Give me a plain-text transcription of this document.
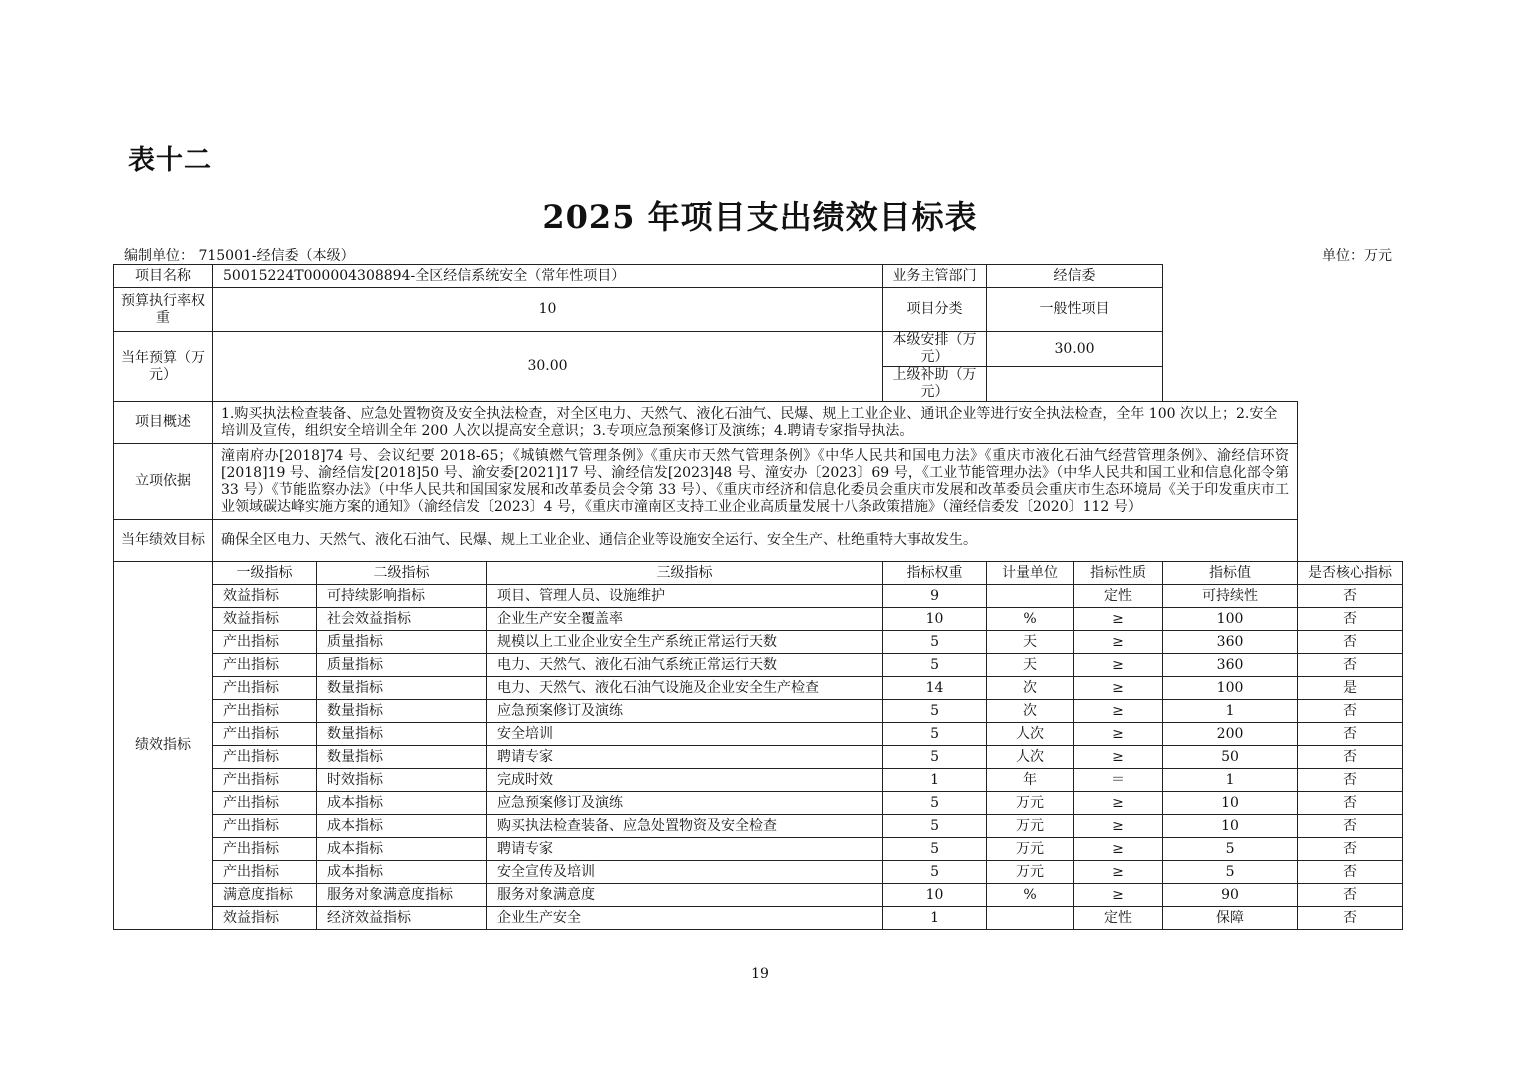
表十二
2025 年项目支出绩效目标表
编制单位： 715001-经信委（本级）	单位：万元
项目名称	50015224T000004308894-全区经信系统安全（常年性项目）			业务主管部门	经信委			
预算执行率权重	10			项目分类	一般性项目			
当年预算（万元）	30.00			本级安排（万元）	30.00			
				上级补助（万元）				
项目概述	1.购买执法检查装备、应急处置物资及安全执法检查，对全区电力、天然气、液化石油气、民爆、规上工业企业、通讯企业等进行安全执法检查，全年 100 次以上；2.安全培训及宣传，组织安全培训全年 200 人次以提高安全意识；3.专项应急预案修订及演练；4.聘请专家指导执法。							
立项依据	潼南府办[2018]74 号、会议纪要 2018-65；《城镇燃气管理条例》《重庆市天然气管理条例》《中华人民共和国电力法》《重庆市液化石油气经营管理条例》、渝经信环资[2018]19 号、渝经信发[2018]50 号、渝安委[2021]17 号、渝经信发[2023]48 号、潼安办〔2023〕69 号，《工业节能管理办法》（中华人民共和国工业和信息化部令第 33 号）《节能监察办法》（中华人民共和国国家发展和改革委员会令第 33 号）、《重庆市经济和信息化委员会重庆市发展和改革委员会重庆市生态环境局《关于印发重庆市工业领域碳达峰实施方案的通知》（渝经信发〔2023〕4 号，《重庆市潼南区支持工业企业高质量发展十八条政策措施》（潼经信委发〔2020〕112 号）							
当年绩效目标	确保全区电力、天然气、液化石油气、民爆、规上工业企业、通信企业等设施安全运行、安全生产、杜绝重特大事故发生。							
绩效指标	一级指标	二级指标	三级指标	指标权重	计量单位	指标性质	指标值	是否核心指标
	效益指标	可持续影响指标	项目、管理人员、设施维护	9		定性	可持续性	否
	效益指标	社会效益指标	企业生产安全覆盖率	10	%	≥	100	否
	产出指标	质量指标	规模以上工业企业安全生产系统正常运行天数	5	天	≥	360	否
	产出指标	质量指标	电力、天然气、液化石油气系统正常运行天数	5	天	≥	360	否
	产出指标	数量指标	电力、天然气、液化石油气设施及企业安全生产检查	14	次	≥	100	是
	产出指标	数量指标	应急预案修订及演练	5	次	≥	1	否
	产出指标	数量指标	安全培训	5	人次	≥	200	否
	产出指标	数量指标	聘请专家	5	人次	≥	50	否
	产出指标	时效指标	完成时效	1	年	＝	1	否
	产出指标	成本指标	应急预案修订及演练	5	万元	≥	10	否
	产出指标	成本指标	购买执法检查装备、应急处置物资及安全检查	5	万元	≥	10	否
	产出指标	成本指标	聘请专家	5	万元	≥	5	否
	产出指标	成本指标	安全宣传及培训	5	万元	≥	5	否
	满意度指标	服务对象满意度指标	服务对象满意度	10	%	≥	90	否
	效益指标	经济效益指标	企业生产安全	1		定性	保障	否
19
